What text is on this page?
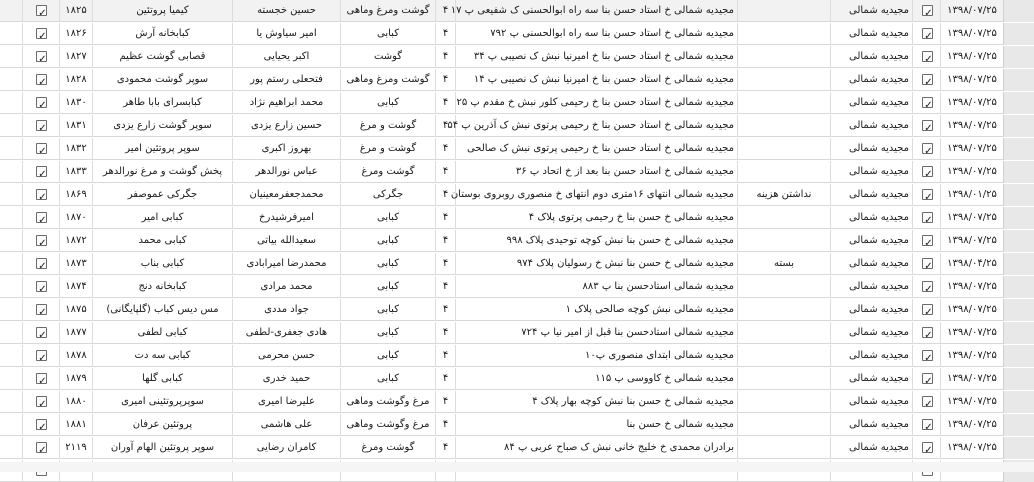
۱۳۹۸/۰۷/۲۵
✓
مجیدیه شمالی
مجیدیه شمالی خ استاد حسن بنا سه راه ابوالحسنی ک شفیعی پ ۱۷
۴
گوشت ومرغ وماهی
حسین خجسته
کیمیا پروتئین
۱۸۲۵
✓
۱۳۹۸/۰۷/۲۵
✓
مجیدیه شمالی
مجیدیه شمالی خ استاد حسن بنا سه راه ابوالحسنی پ ۷۹۲
۴
کبابی
امیر سیاوش یا
کبابخانه آرش
۱۸۲۶
✓
۱۳۹۸/۰۷/۲۵
✓
مجیدیه شمالی
مجیدیه شمالی خ استاد حسن بنا خ امیرنیا نبش ک نصیبی پ ۳۴
۴
گوشت
اکبر یحیایی
قصابی گوشت عظیم
۱۸۲۷
✓
۱۳۹۸/۰۷/۲۵
✓
مجیدیه شمالی
مجیدیه شمالی خ استاد حسن بنا خ امیرنیا نبش ک نصیبی پ ۱۴
۴
گوشت ومرغ وماهی
فتحعلی رستم پور
سوپر گوشت محمودی
۱۸۲۸
✓
۱۳۹۸/۰۷/۲۵
✓
مجیدیه شمالی
مجیدیه شمالی خ استاد حسن بنا خ رحیمی کلور نبش خ مقدم پ ۲۵
۴
کبابی
محمد ابراهیم نژاد
کبابسرای بابا طاهر
۱۸۳۰
✓
۱۳۹۸/۰۷/۲۵
✓
مجیدیه شمالی
مجیدیه شمالی خ استاد حسن بنا خ رحیمی پرتوی نبش ک آذرین پ ۵۴
۴
گوشت و مرغ
حسین زارع یزدی
سوپر گوشت زارع یزدی
۱۸۳۱
✓
۱۳۹۸/۰۷/۲۵
✓
مجیدیه شمالی
مجیدیه شمالی خ استاد حسن بنا خ رحیمی پرتوی نبش ک صالحی
۴
گوشت و مرغ
بهروز اکبری
سوپر پروتئین امیر
۱۸۳۲
✓
۱۳۹۸/۰۷/۲۵
✓
مجیدیه شمالی
مجیدیه شمالی خ استاد حسن بنا بعد از خ اتحاد پ ۳۶
۴
گوشت ومرغ
عباس نورالدهر
پخش گوشت و مرغ نورالدهر
۱۸۳۳
✓
۱۳۹۸/۰۱/۲۵
✓
مجیدیه شمالی
نداشتن هزینه
مجیدیه شمالی انتهای ۱۶متری دوم انتهای خ منصوری روبروی بوستان
۴
جگرکی
محمدجعفرمعینیان
جگرکی عموصفر
۱۸۶۹
✓
۱۳۹۸/۰۷/۲۵
✓
مجیدیه شمالی
مجیدیه شمالی خ حسن بنا خ رحیمی پرتوی پلاک ۴
۴
کبابی
امیرفرشیدرخ
کبابی امیر
۱۸۷۰
✓
۱۳۹۸/۰۷/۲۵
✓
مجیدیه شمالی
مجیدیه شمالی خ حسن بنا نبش کوچه توحیدی پلاک ۹۹۸
۴
کبابی
سعیدالله بیاتی
کبابی محمد
۱۸۷۲
✓
۱۳۹۸/۰۴/۲۵
✓
مجیدیه شمالی
بسته
مجیدیه شمالی خ حسن بنا نبش خ رسولیان پلاک ۹۷۴
۴
کبابی
محمدرضا امیرابادی
کبابی بناب
۱۸۷۳
✓
۱۳۹۸/۰۷/۲۵
✓
مجیدیه شمالی
مجیدیه شمالی استادحسن بنا پ ۸۸۳
۴
کبابی
محمد مرادی
کبابخانه دنج
۱۸۷۴
✓
۱۳۹۸/۰۷/۲۵
✓
مجیدیه شمالی
مجیدیه شمالی نبش کوچه صالحی پلاک ۱
۴
کبابی
جواد مددی
مس دیس کباب (گلپایگانی)
۱۸۷۵
✓
۱۳۹۸/۰۷/۲۵
✓
مجیدیه شمالی
مجیدیه شمالی استادحسن بنا قبل از امیر نیا پ ۷۲۴
۴
کبابی
هادی جعفری-لطفی
کبابی لطفی
۱۸۷۷
✓
۱۳۹۸/۰۷/۲۵
✓
مجیدیه شمالی
مجیدیه شمالی ابتدای منصوری پ۱۰
۴
کبابی
حسن محرمی
کبابی سه دت
۱۸۷۸
✓
۱۳۹۸/۰۷/۲۵
✓
مجیدیه شمالی
مجیدیه شمالی خ کاووسی پ ۱۱۵
۴
کبابی
حمید خدری
کبابی گلها
۱۸۷۹
✓
۱۳۹۸/۰۷/۲۵
✓
مجیدیه شمالی
مجیدیه شمالی خ حسن بنا نبش کوچه بهار پلاک ۴
۴
مرغ وگوشت وماهی
علیرضا امیری
سوپرپروتئینی امیری
۱۸۸۰
✓
۱۳۹۸/۰۷/۲۵
✓
مجیدیه شمالی
مجیدیه شمالی خ حسن بنا
۴
مرغ وگوشت وماهی
علی هاشمی
پروتئین عرفان
۱۸۸۱
✓
۱۳۹۸/۰۷/۲۵
✓
مجیدیه شمالی
برادران محمدی خ خلیج خانی نبش ک صباح عربی پ ۸۴
۴
گوشت ومرغ
کامران رضایی
سوپر پروتئین الهام آوران
۲۱۱۹
✓
